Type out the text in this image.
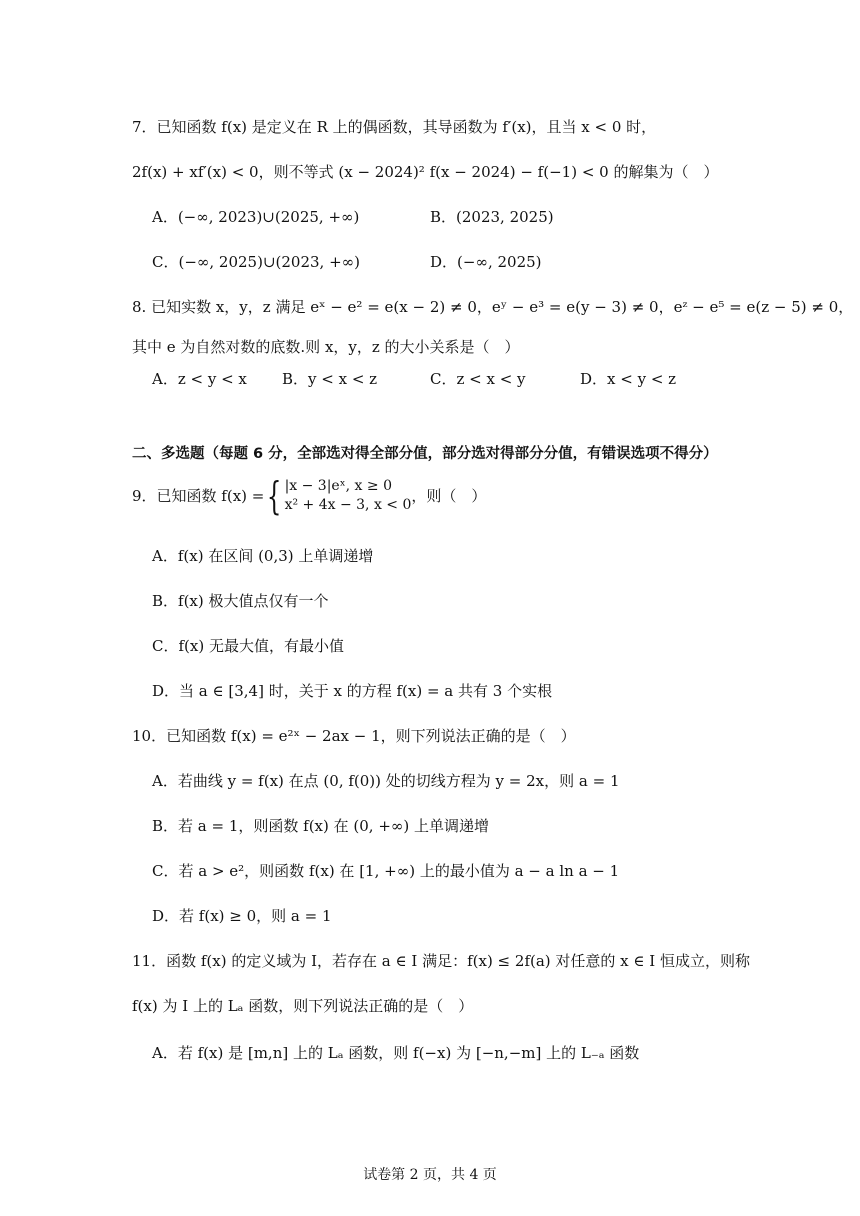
7．已知函数 f(x) 是定义在 R 上的偶函数，其导函数为 f′(x)，且当 x < 0 时，
2f(x) + xf′(x) < 0，则不等式 (x − 2024)² f(x − 2024) − f(−1) < 0 的解集为（　）
A．(−∞, 2023)∪(2025, +∞)	B．(2023, 2025)
C．(−∞, 2025)∪(2023, +∞)	D．(−∞, 2025)
8. 已知实数 x，y，z 满足 eˣ − e² = e(x − 2) ≠ 0，eʸ − e³ = e(y − 3) ≠ 0，eᶻ − e⁵ = e(z − 5) ≠ 0，
其中 e 为自然对数的底数.则 x，y，z 的大小关系是（　）
A．z < y < x B．y < x < z	C．z < x < y	D．x < y < z
二、多选题（每题 6 分，全部选对得全部分值，部分选对得部分分值，有错误选项不得分）
9．已知函数 f(x) = { |x − 3|eˣ, x ≥ 0
x² + 4x − 3, x < 0 ，则（　）
A．f(x) 在区间 (0,3) 上单调递增
B．f(x) 极大值点仅有一个
C．f(x) 无最大值，有最小值
D．当 a ∈ [3,4] 时，关于 x 的方程 f(x) = a 共有 3 个实根
10．已知函数 f(x) = e²ˣ − 2ax − 1，则下列说法正确的是（　）
A．若曲线 y = f(x) 在点 (0, f(0)) 处的切线方程为 y = 2x，则 a = 1
B．若 a = 1，则函数 f(x) 在 (0, +∞) 上单调递增
C．若 a > e²，则函数 f(x) 在 [1, +∞) 上的最小值为 a − a ln a − 1
D．若 f(x) ≥ 0，则 a = 1
11．函数 f(x) 的定义域为 I，若存在 a ∈ I 满足：f(x) ≤ 2f(a) 对任意的 x ∈ I 恒成立，则称
f(x) 为 I 上的 Lₐ 函数，则下列说法正确的是（　）
A．若 f(x) 是 [m,n] 上的 Lₐ 函数，则 f(−x) 为 [−n,−m] 上的 L₋ₐ 函数
试卷第 2 页，共 4 页
